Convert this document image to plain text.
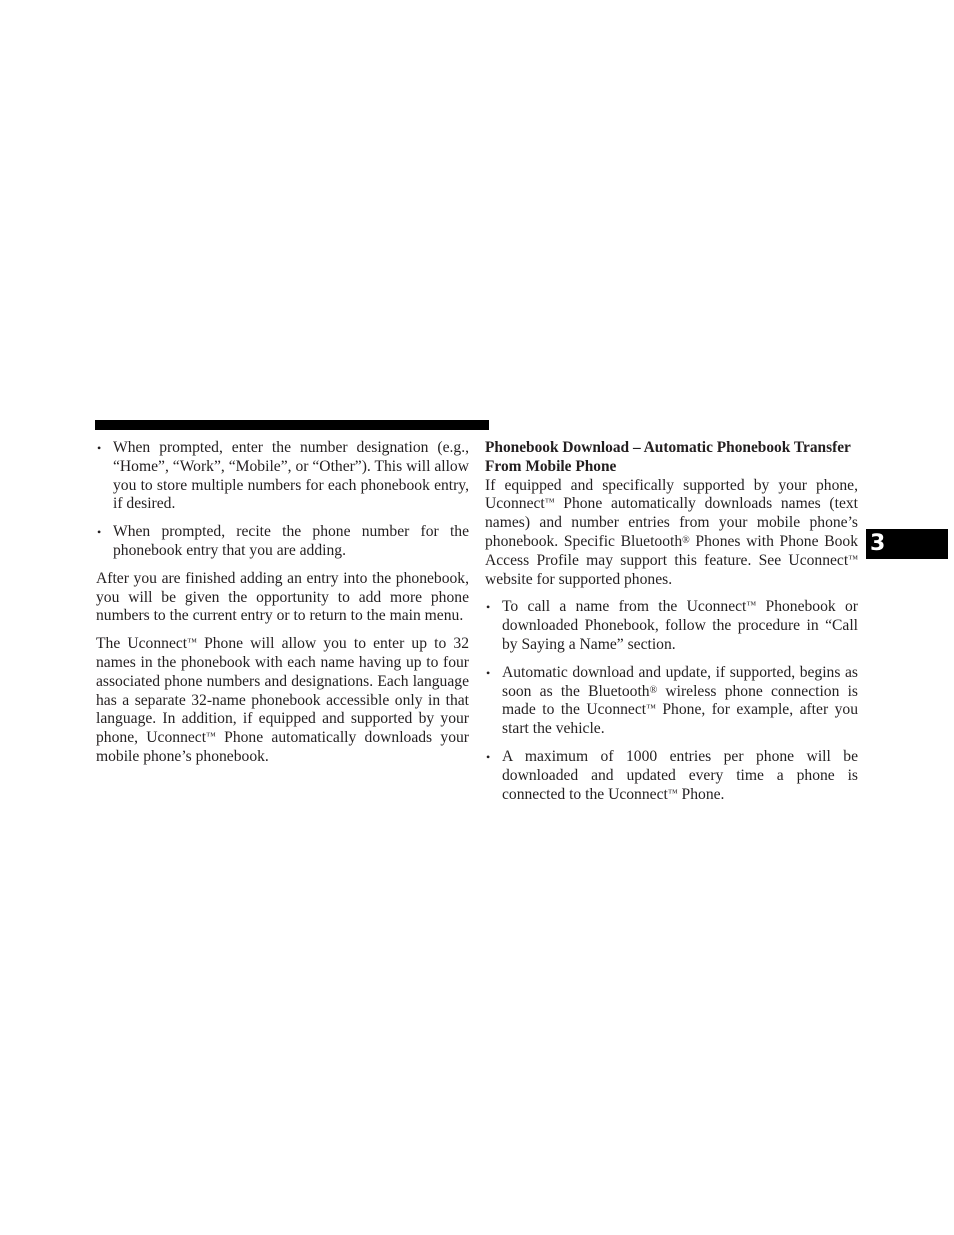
3
• When prompted, enter the number designation (e.g., “Home”, “Work”, “Mobile”, or “Other”). This will allow you to store multiple numbers for each phonebook entry, if desired.
• When prompted, recite the phone number for the phonebook entry that you are adding.

After you are finished adding an entry into the phonebook, you will be given the opportunity to add more phone numbers to the current entry or to return to the main menu.

The Uconnect™ Phone will allow you to enter up to 32 names in the phonebook with each name having up to four associated phone numbers and designations. Each language has a separate 32-name phonebook accessible only in that language. In addition, if equipped and supported by your phone, Uconnect™ Phone automatically downloads your mobile phone’s phonebook.

Phonebook Download – Automatic Phonebook Transfer From Mobile Phone

If equipped and specifically supported by your phone, Uconnect™ Phone automatically downloads names (text names) and number entries from your mobile phone’s phonebook. Specific Bluetooth® Phones with Phone Book Access Profile may support this feature. See Uconnect™ website for supported phones.

• To call a name from the Uconnect™ Phonebook or downloaded Phonebook, follow the procedure in “Call by Saying a Name” section.
• Automatic download and update, if supported, begins as soon as the Bluetooth® wireless phone connection is made to the Uconnect™ Phone, for example, after you start the vehicle.
• A maximum of 1000 entries per phone will be downloaded and updated every time a phone is connected to the Uconnect™ Phone.
